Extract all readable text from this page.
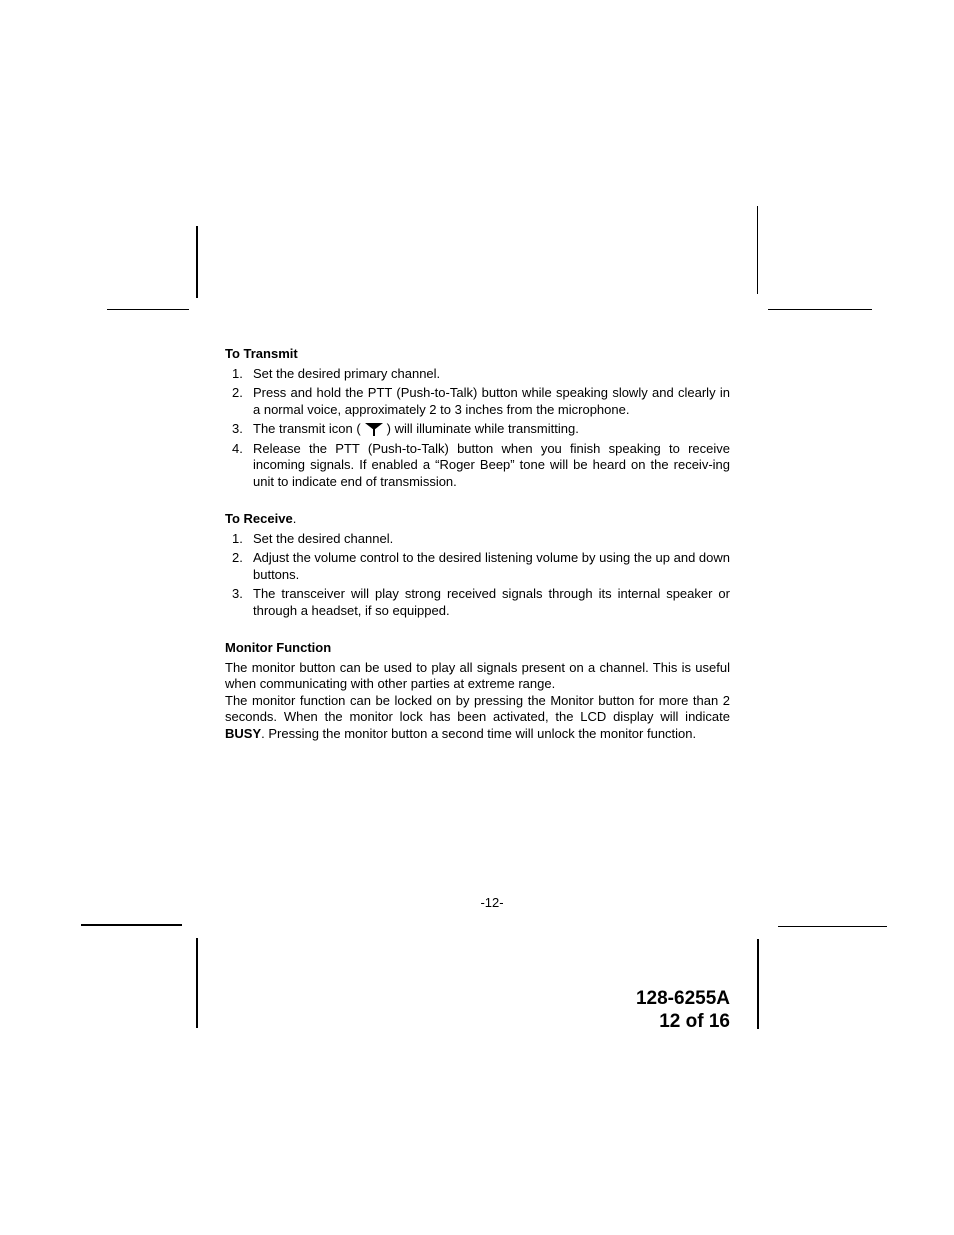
To Transmit
1. Set the desired primary channel.
2. Press and hold the PTT (Push-to-Talk) button while speaking slowly and clearly in a normal voice, approximately 2 to 3 inches from the microphone.
3. The transmit icon ( ) will illuminate while transmitting.
4. Release the PTT (Push-to-Talk) button when you finish speaking to receive incoming signals. If enabled a “Roger Beep” tone will be heard on the receiv-ing unit to indicate end of transmission.
To Receive.
1. Set the desired channel.
2. Adjust the volume control to the desired listening volume by using the up and down buttons.
3. The transceiver will play strong received signals through its internal speaker or through a headset, if so equipped.
Monitor Function

The monitor button can be used to play all signals present on a channel. This is useful when communicating with other parties at extreme range.

The monitor function can be locked on by pressing the Monitor button for more than 2 seconds. When the monitor lock has been activated, the LCD display will indicate BUSY. Pressing the monitor button a second time will unlock the monitor function.

-12-
128-6255A
12 of 16
